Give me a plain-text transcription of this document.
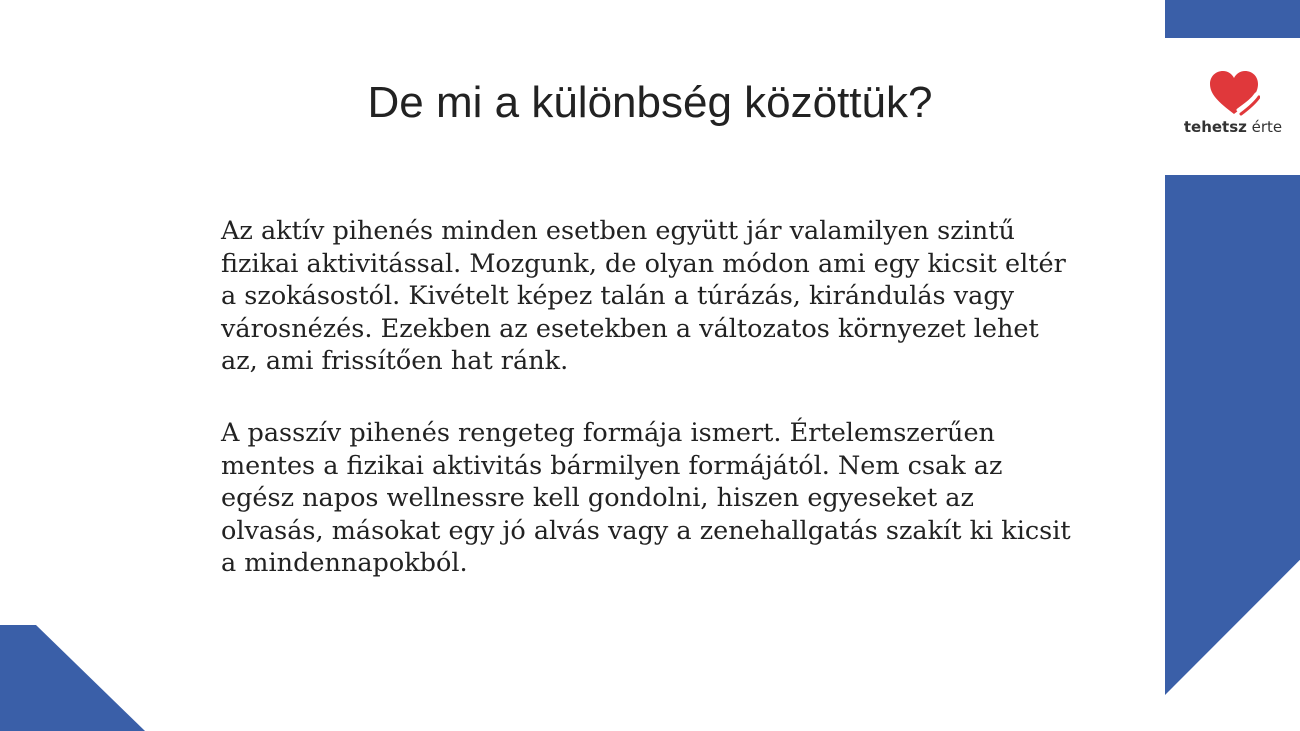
tehetsz érte
De mi a különbség közöttük?

Az aktív pihenés minden esetben együtt jár valamilyen szintű fizikai aktivitással. Mozgunk, de olyan módon ami egy kicsit eltér a szokásostól. Kivételt képez talán a túrázás, kirándulás vagy városnézés. Ezekben az esetekben a változatos környezet lehet az, ami frissítően hat ránk.

A passzív pihenés rengeteg formája ismert. Értelemszerűen mentes a fizikai aktivitás bármilyen formájától. Nem csak az egész napos wellnessre kell gondolni, hiszen egyeseket az olvasás, másokat egy jó alvás vagy a zenehallgatás szakít ki kicsit a mindennapokból.
